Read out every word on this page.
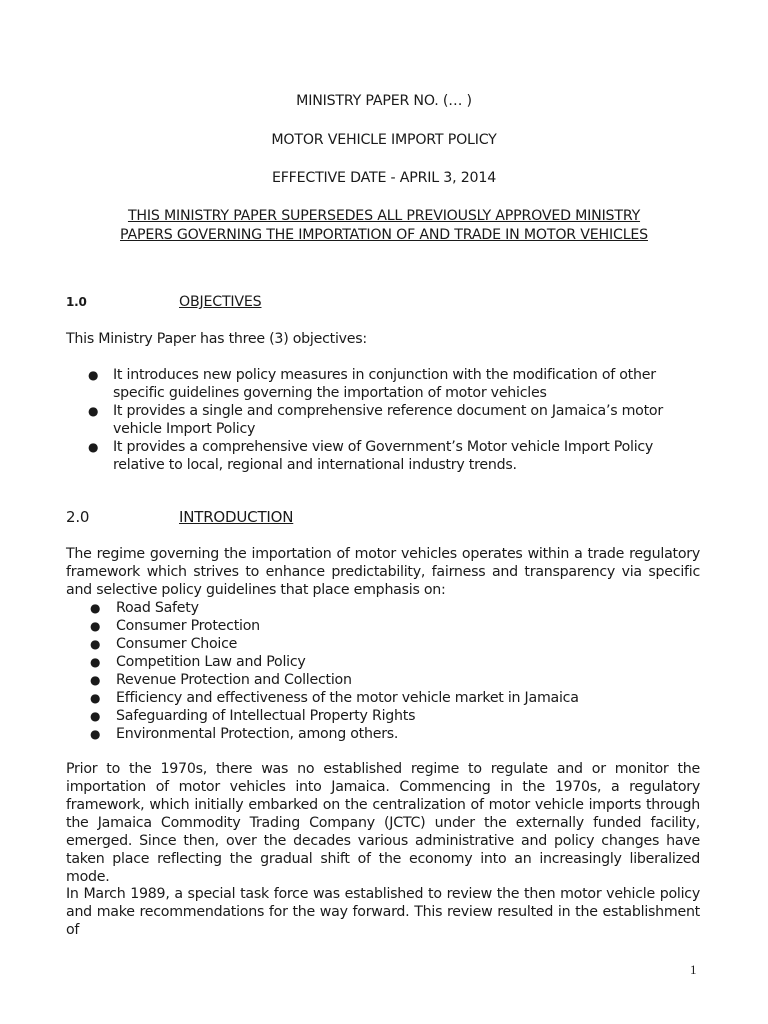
MINISTRY PAPER NO. (… )
MOTOR VEHICLE IMPORT POLICY
EFFECTIVE DATE - APRIL 3, 2014
THIS MINISTRY PAPER SUPERSEDES ALL PREVIOUSLY APPROVED MINISTRY
PAPERS GOVERNING THE IMPORTATION OF AND TRADE IN MOTOR VEHICLES
1.0	OBJECTIVES
This Ministry Paper has three (3) objectives:
● It introduces new policy measures in conjunction with the modification of other specific guidelines governing the importation of motor vehicles
● It provides a single and comprehensive reference document on Jamaica’s motor vehicle Import Policy
● It provides a comprehensive view of Government’s Motor vehicle Import Policy relative to local, regional and international industry trends.
2.0	INTRODUCTION
The regime governing the importation of motor vehicles operates within a trade regulatory framework which strives to enhance predictability, fairness and transparency via specific and selective policy guidelines that place emphasis on:
● Road Safety
● Consumer Protection
● Consumer Choice
● Competition Law and Policy
● Revenue Protection and Collection
● Efficiency and effectiveness of the motor vehicle market in Jamaica
● Safeguarding of Intellectual Property Rights
● Environmental Protection, among others.
Prior to the 1970s, there was no established regime to regulate and or monitor the importation of motor vehicles into Jamaica. Commencing in the 1970s, a regulatory framework, which initially embarked on the centralization of motor vehicle imports through the Jamaica Commodity Trading Company (JCTC) under the externally funded facility, emerged. Since then, over the decades various administrative and policy changes have taken place reflecting the gradual shift of the economy into an increasingly liberalized mode.
In March 1989, a special task force was established to review the then motor vehicle policy and make recommendations for the way forward. This review resulted in the establishment of
1
